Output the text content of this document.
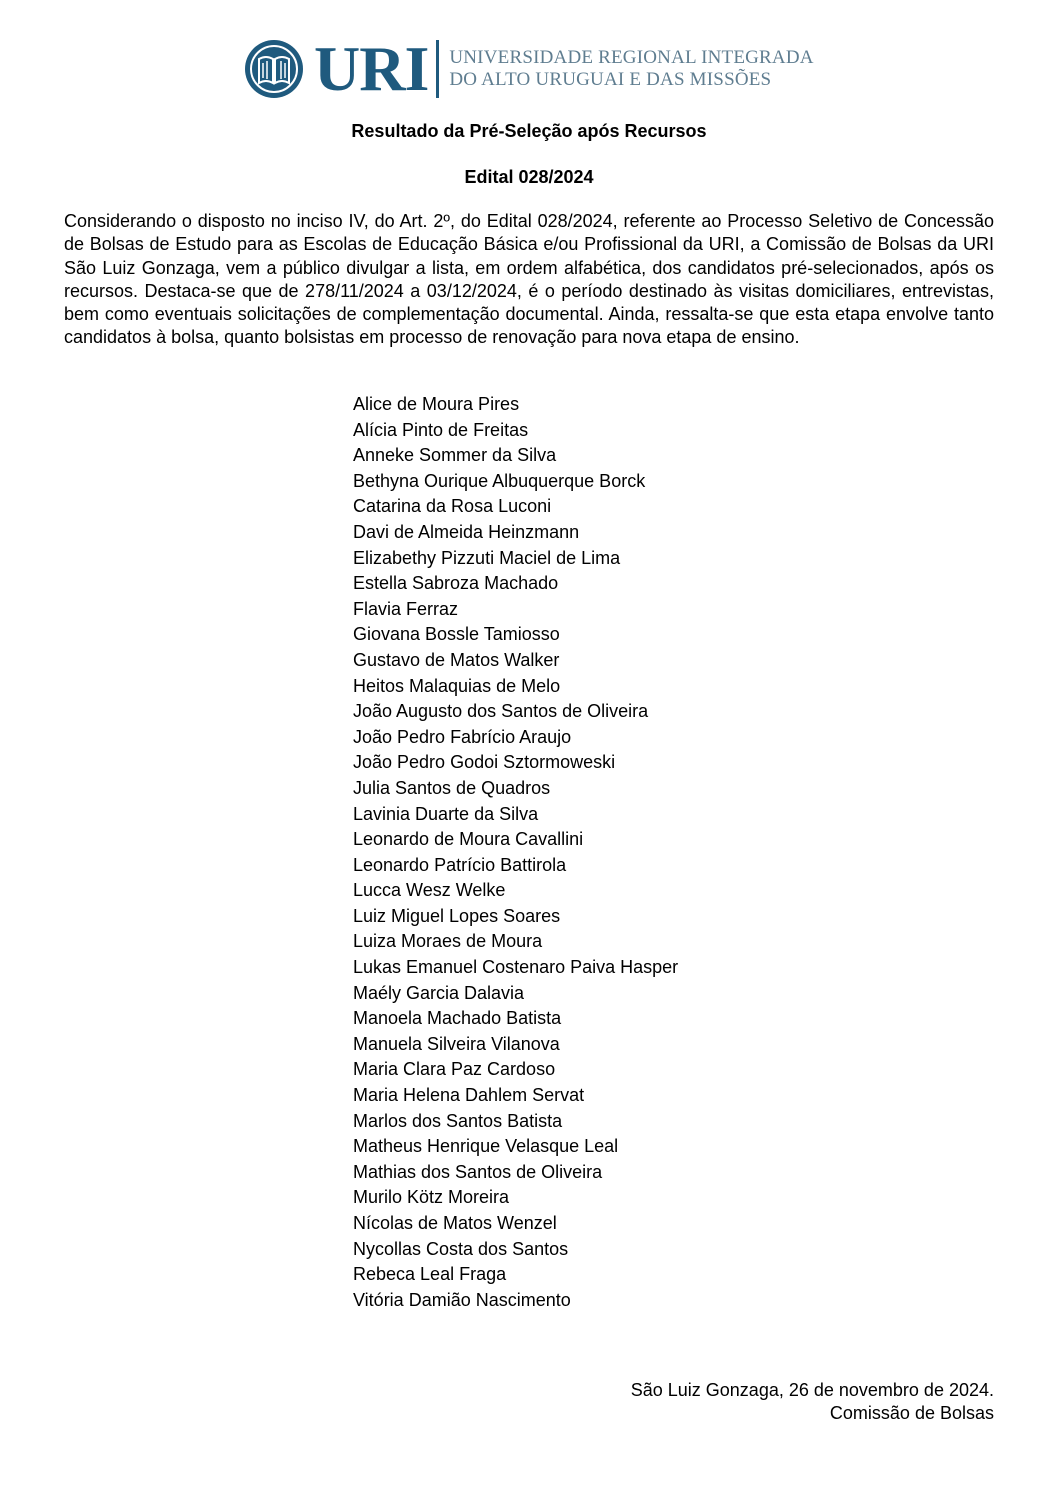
URI UNIVERSIDADE REGIONAL INTEGRADA
DO ALTO URUGUAI E DAS MISSÕES
Resultado da Pré-Seleção após Recursos
Edital 028/2024

Considerando o disposto no inciso IV, do Art. 2º, do Edital 028/2024, referente ao Processo Seletivo de Concessão de Bolsas de Estudo para as Escolas de Educação Básica e/ou Profissional da URI, a Comissão de Bolsas da URI São Luiz Gonzaga, vem a público divulgar a lista, em ordem alfabética, dos candidatos pré-selecionados, após os recursos. Destaca-se que de 278/11/2024 a 03/12/2024, é o período destinado às visitas domiciliares, entrevistas, bem como eventuais solicitações de complementação documental. Ainda, ressalta-se que esta etapa envolve tanto candidatos à bolsa, quanto bolsistas em processo de renovação para nova etapa de ensino.

Alice de Moura Pires
Alícia Pinto de Freitas
Anneke Sommer da Silva
Bethyna Ourique Albuquerque Borck
Catarina da Rosa Luconi
Davi de Almeida Heinzmann
Elizabethy Pizzuti Maciel de Lima
Estella Sabroza Machado
Flavia Ferraz
Giovana Bossle Tamiosso
Gustavo de Matos Walker
Heitos Malaquias de Melo
João Augusto dos Santos de Oliveira
João Pedro Fabrício Araujo
João Pedro Godoi Sztormoweski
Julia Santos de Quadros
Lavinia Duarte da Silva
Leonardo de Moura Cavallini
Leonardo Patrício Battirola
Lucca Wesz Welke
Luiz Miguel Lopes Soares
Luiza Moraes de Moura
Lukas Emanuel Costenaro Paiva Hasper
Maély Garcia Dalavia
Manoela Machado Batista
Manuela Silveira Vilanova
Maria Clara Paz Cardoso
Maria Helena Dahlem Servat
Marlos dos Santos Batista
Matheus Henrique Velasque Leal
Mathias dos Santos de Oliveira
Murilo Kötz Moreira
Nícolas de Matos Wenzel
Nycollas Costa dos Santos
Rebeca Leal Fraga
Vitória Damião Nascimento
São Luiz Gonzaga, 26 de novembro de 2024.
Comissão de Bolsas
